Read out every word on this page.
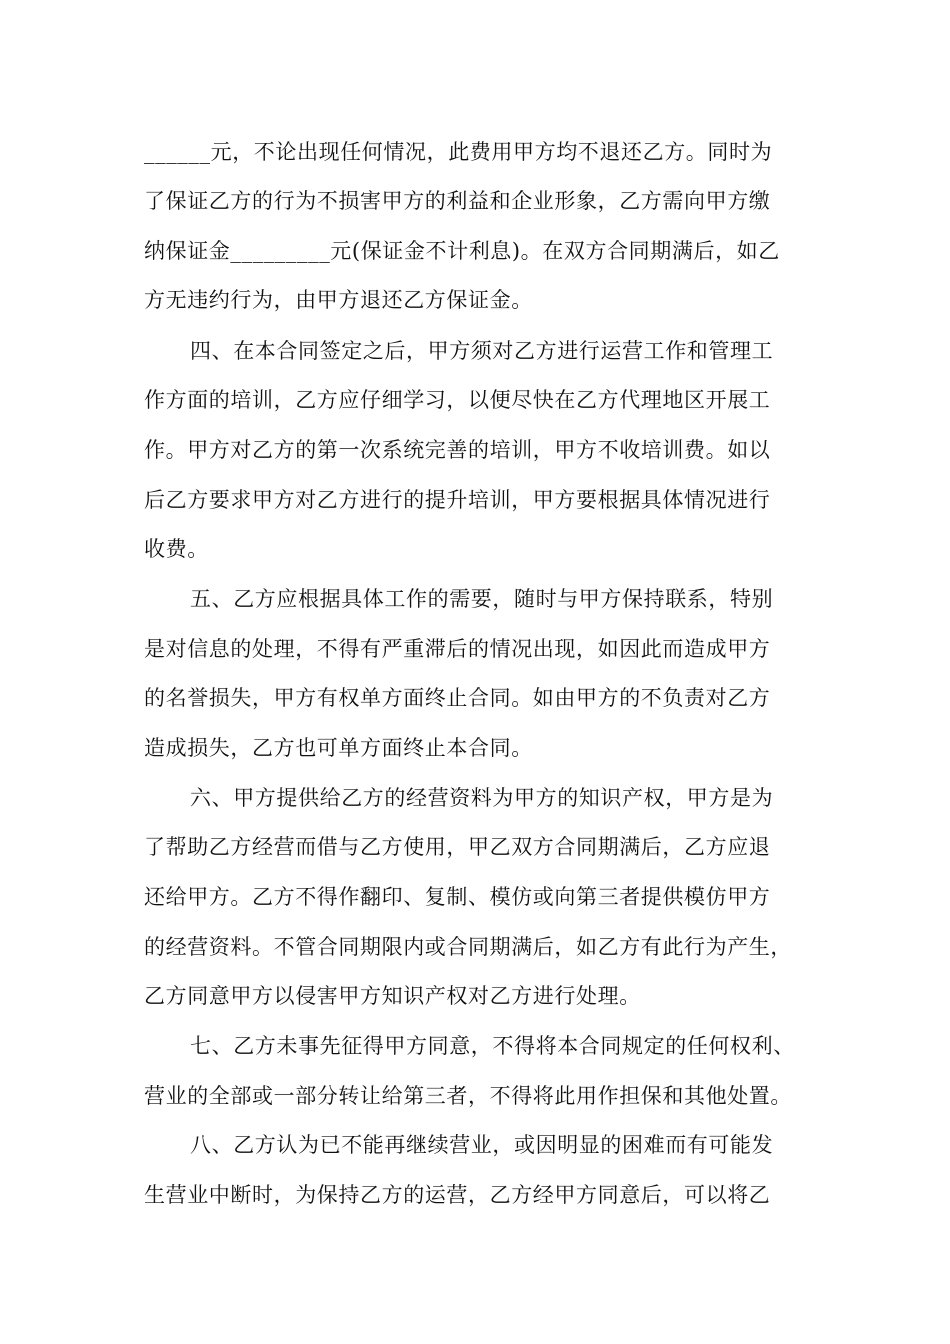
______元，不论出现任何情况，此费用甲方均不退还乙方。同时为
了保证乙方的行为不损害甲方的利益和企业形象，乙方需向甲方缴
纳保证金_________元(保证金不计利息)。在双方合同期满后，如乙
方无违约行为，由甲方退还乙方保证金。
四、在本合同签定之后，甲方须对乙方进行运营工作和管理工
作方面的培训，乙方应仔细学习，以便尽快在乙方代理地区开展工
作。甲方对乙方的第一次系统完善的培训，甲方不收培训费。如以
后乙方要求甲方对乙方进行的提升培训，甲方要根据具体情况进行
收费。
五、乙方应根据具体工作的需要，随时与甲方保持联系，特别
是对信息的处理，不得有严重滞后的情况出现，如因此而造成甲方
的名誉损失，甲方有权单方面终止合同。如由甲方的不负责对乙方
造成损失，乙方也可单方面终止本合同。
六、甲方提供给乙方的经营资料为甲方的知识产权，甲方是为
了帮助乙方经营而借与乙方使用，甲乙双方合同期满后，乙方应退
还给甲方。乙方不得作翻印、复制、模仿或向第三者提供模仿甲方
的经营资料。不管合同期限内或合同期满后，如乙方有此行为产生，
乙方同意甲方以侵害甲方知识产权对乙方进行处理。
七、乙方未事先征得甲方同意，不得将本合同规定的任何权利、
营业的全部或一部分转让给第三者，不得将此用作担保和其他处置。
八、乙方认为已不能再继续营业，或因明显的困难而有可能发
生营业中断时，为保持乙方的运营，乙方经甲方同意后，可以将乙
